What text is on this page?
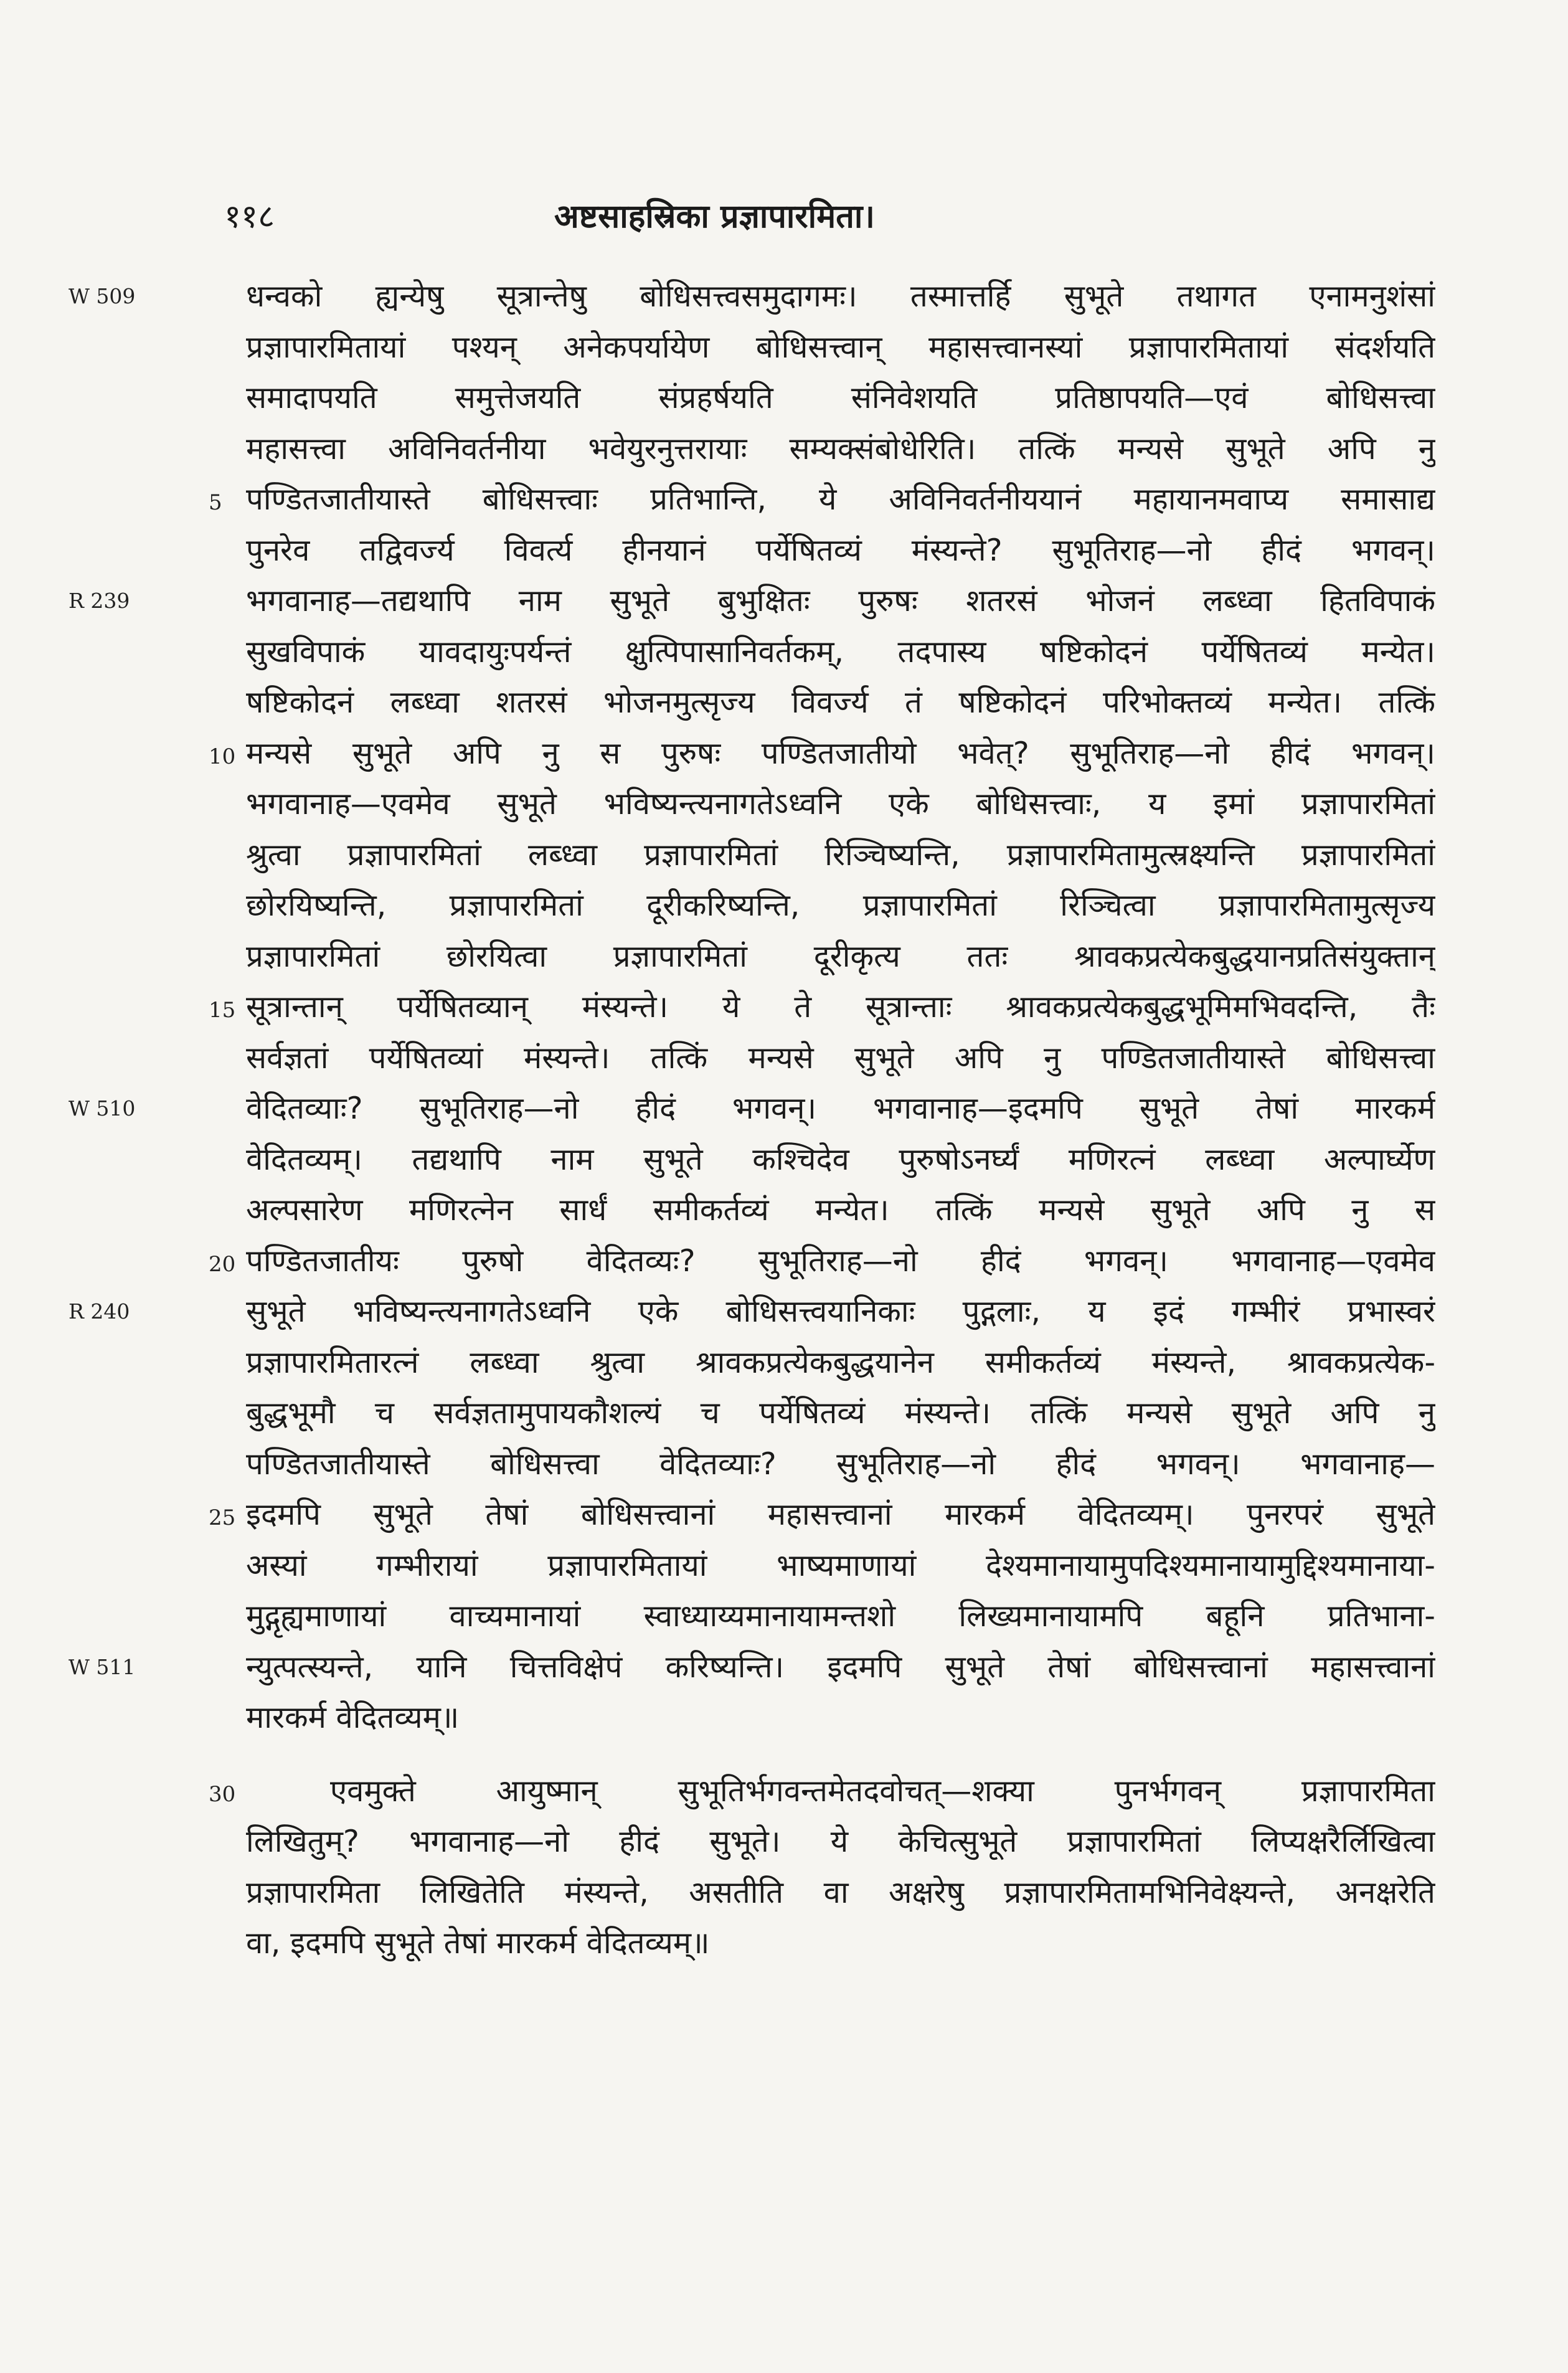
११८	अष्टसाहस्रिका प्रज्ञापारमिता।
W 509
5
R 239
10
15
W 510
20
R 240
25
W 511
30
धन्वको ह्यन्येषु सूत्रान्तेषु बोधिसत्त्वसमुदागमः। तस्मात्तर्हि सुभूते तथागत एनामनुशंसां
प्रज्ञापारमितायां पश्यन् अनेकपर्यायेण बोधिसत्त्वान् महासत्त्वानस्यां प्रज्ञापारमितायां संदर्शयति
समादापयति समुत्तेजयति संप्रहर्षयति संनिवेशयति प्रतिष्ठापयति—एवं बोधिसत्त्वा
महासत्त्वा अविनिवर्तनीया भवेयुरनुत्तरायाः सम्यक्संबोधेरिति। तत्किं मन्यसे सुभूते अपि नु
पण्डितजातीयास्ते बोधिसत्त्वाः प्रतिभान्ति, ये अविनिवर्तनीययानं महायानमवाप्य समासाद्य
पुनरेव तद्विवर्ज्य विवर्त्य हीनयानं पर्येषितव्यं मंस्यन्ते? सुभूतिराह—नो हीदं भगवन्।
भगवानाह—तद्यथापि नाम सुभूते बुभुक्षितः पुरुषः शतरसं भोजनं लब्ध्वा हितविपाकं
सुखविपाकं यावदायुःपर्यन्तं क्षुत्पिपासानिवर्तकम्, तदपास्य षष्टिकोदनं पर्येषितव्यं मन्येत।
षष्टिकोदनं लब्ध्वा शतरसं भोजनमुत्सृज्य विवर्ज्य तं षष्टिकोदनं परिभोक्तव्यं मन्येत। तत्किं
मन्यसे सुभूते अपि नु स पुरुषः पण्डितजातीयो भवेत्? सुभूतिराह—नो हीदं भगवन्।
भगवानाह—एवमेव सुभूते भविष्यन्त्यनागतेऽध्वनि एके बोधिसत्त्वाः, य इमां प्रज्ञापारमितां
श्रुत्वा प्रज्ञापारमितां लब्ध्वा प्रज्ञापारमितां रिञ्चिष्यन्ति, प्रज्ञापारमितामुत्स्रक्ष्यन्ति प्रज्ञापारमितां
छोरयिष्यन्ति, प्रज्ञापारमितां दूरीकरिष्यन्ति, प्रज्ञापारमितां रिञ्चित्वा प्रज्ञापारमितामुत्सृज्य
प्रज्ञापारमितां छोरयित्वा प्रज्ञापारमितां दूरीकृत्य ततः श्रावकप्रत्येकबुद्धयानप्रतिसंयुक्तान्
सूत्रान्तान् पर्येषितव्यान् मंस्यन्ते। ये ते सूत्रान्ताः श्रावकप्रत्येकबुद्धभूमिमभिवदन्ति, तैः
सर्वज्ञतां पर्येषितव्यां मंस्यन्ते। तत्किं मन्यसे सुभूते अपि नु पण्डितजातीयास्ते बोधिसत्त्वा
वेदितव्याः? सुभूतिराह—नो हीदं भगवन्। भगवानाह—इदमपि सुभूते तेषां मारकर्म
वेदितव्यम्। तद्यथापि नाम सुभूते कश्चिदेव पुरुषोऽनर्घ्यं मणिरत्नं लब्ध्वा अल्पार्घ्येण
अल्पसारेण मणिरत्नेन सार्धं समीकर्तव्यं मन्येत। तत्किं मन्यसे सुभूते अपि नु स
पण्डितजातीयः पुरुषो वेदितव्यः? सुभूतिराह—नो हीदं भगवन्। भगवानाह—एवमेव
सुभूते भविष्यन्त्यनागतेऽध्वनि एके बोधिसत्त्वयानिकाः पुद्गलाः, य इदं गम्भीरं प्रभास्वरं
प्रज्ञापारमितारत्नं लब्ध्वा श्रुत्वा श्रावकप्रत्येकबुद्धयानेन समीकर्तव्यं मंस्यन्ते, श्रावकप्रत्येक-
बुद्धभूमौ च सर्वज्ञतामुपायकौशल्यं च पर्येषितव्यं मंस्यन्ते। तत्किं मन्यसे सुभूते अपि नु
पण्डितजातीयास्ते बोधिसत्त्वा वेदितव्याः? सुभूतिराह—नो हीदं भगवन्। भगवानाह—
इदमपि सुभूते तेषां बोधिसत्त्वानां महासत्त्वानां मारकर्म वेदितव्यम्। पुनरपरं सुभूते
अस्यां गम्भीरायां प्रज्ञापारमितायां भाष्यमाणायां देश्यमानायामुपदिश्यमानायामुद्दिश्यमानाया-
मुद्गृह्यमाणायां वाच्यमानायां स्वाध्याय्यमानायामन्तशो लिख्यमानायामपि बहूनि प्रतिभाना-
न्युत्पत्स्यन्ते, यानि चित्तविक्षेपं करिष्यन्ति। इदमपि सुभूते तेषां बोधिसत्त्वानां महासत्त्वानां
मारकर्म वेदितव्यम्॥
एवमुक्ते आयुष्मान् सुभूतिर्भगवन्तमेतदवोचत्—शक्या पुनर्भगवन् प्रज्ञापारमिता
लिखितुम्? भगवानाह—नो हीदं सुभूते। ये केचित्सुभूते प्रज्ञापारमितां लिप्यक्षरैर्लिखित्वा
प्रज्ञापारमिता लिखितेति मंस्यन्ते, असतीति वा अक्षरेषु प्रज्ञापारमितामभिनिवेक्ष्यन्ते, अनक्षरेति
वा, इदमपि सुभूते तेषां मारकर्म वेदितव्यम्॥
